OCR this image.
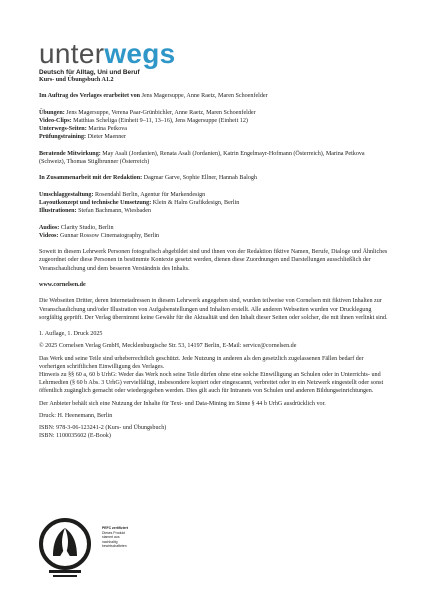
unterwegs
Deutsch für Alltag, Uni und Beruf

Kurs- und Übungsbuch A1.2

Im Auftrag des Verlages erarbeitet von Jens Magersuppe, Anne Raetz, Maren Schoenfelder

Übungen: Jens Magersuppe, Verena Paar-Grünbichler, Anne Raetz, Maren Schoenfelder

Video-Clips: Matthias Scheliga (Einheit 9–11, 13–16), Jens Magersuppe (Einheit 12)

Unterwegs-Seiten: Marina Petkova

Prüfungstraining: Dieter Maenner

Beratende Mitwirkung: May Asali (Jordanien), Renata Asali (Jordanien), Katrin Engelmayr-Hofmann (Österreich), Marina Petkova (Schweiz), Thomas Stiglbrunner (Österreich)

In Zusammenarbeit mit der Redaktion: Dagmar Garve, Sophie Ellner, Hannah Balogh

Umschlaggestaltung: Rosendahl Berlin, Agentur für Markendesign

Layoutkonzept und technische Umsetzung: Klein & Halm Grafikdesign, Berlin

Illustrationen: Stefan Bachmann, Wiesbaden

Audios: Clarity Studio, Berlin

Videos: Gunnar Rossow Cinematography, Berlin

Soweit in diesem Lehrwerk Personen fotografisch abgebildet sind und ihnen von der Redaktion fiktive Namen, Berufe, Dialoge und Ähnliches zugeordnet oder diese Personen in bestimmte Kontexte gesetzt werden, dienen diese Zuordnungen und Darstellungen ausschließlich der Veranschaulichung und dem besseren Verständnis des Inhalts.

www.cornelsen.de

Die Webseiten Dritter, deren Internetadressen in diesem Lehrwerk angegeben sind, wurden teilweise von Cornelsen mit fiktiven Inhalten zur Veranschaulichung und/oder Illustration von Aufgabenstellungen und Inhalten erstellt. Alle anderen Webseiten wurden vor Drucklegung sorgfältig geprüft. Der Verlag übernimmt keine Gewähr für die Aktualität und den Inhalt dieser Seiten oder solcher, die mit ihnen verlinkt sind.

1. Auflage, 1. Druck 2025

© 2025 Cornelsen Verlag GmbH, Mecklenburgische Str. 53, 14197 Berlin, E-Mail: service@cornelsen.de

Das Werk und seine Teile sind urheberrechtlich geschützt. Jede Nutzung in anderen als den gesetzlich zugelassenen Fällen bedarf der vorherigen schriftlichen Einwilligung des Verlages.

Hinweis zu §§ 60 a, 60 b UrhG: Weder das Werk noch seine Teile dürfen ohne eine solche Einwilligung an Schulen oder in Unterrichts- und Lehrmedien (§ 60 b Abs. 3 UrhG) vervielfältigt, insbesondere kopiert oder eingescannt, verbreitet oder in ein Netzwerk eingestellt oder sonst öffentlich zugänglich gemacht oder wiedergegeben werden. Dies gilt auch für Intranets von Schulen und anderen Bildungseinrichtungen.

Der Anbieter behält sich eine Nutzung der Inhalte für Text- und Data-Mining im Sinne § 44 b UrhG ausdrücklich vor.

Druck: H. Heenemann, Berlin

ISBN: 978-3-06-123241-2 (Kurs- und Übungsbuch)

ISBN: 1100035602 (E-Book)

PEFC zertifiziert
Dieses Produkt
stammt aus
nachhaltig
bewirtschafteten
